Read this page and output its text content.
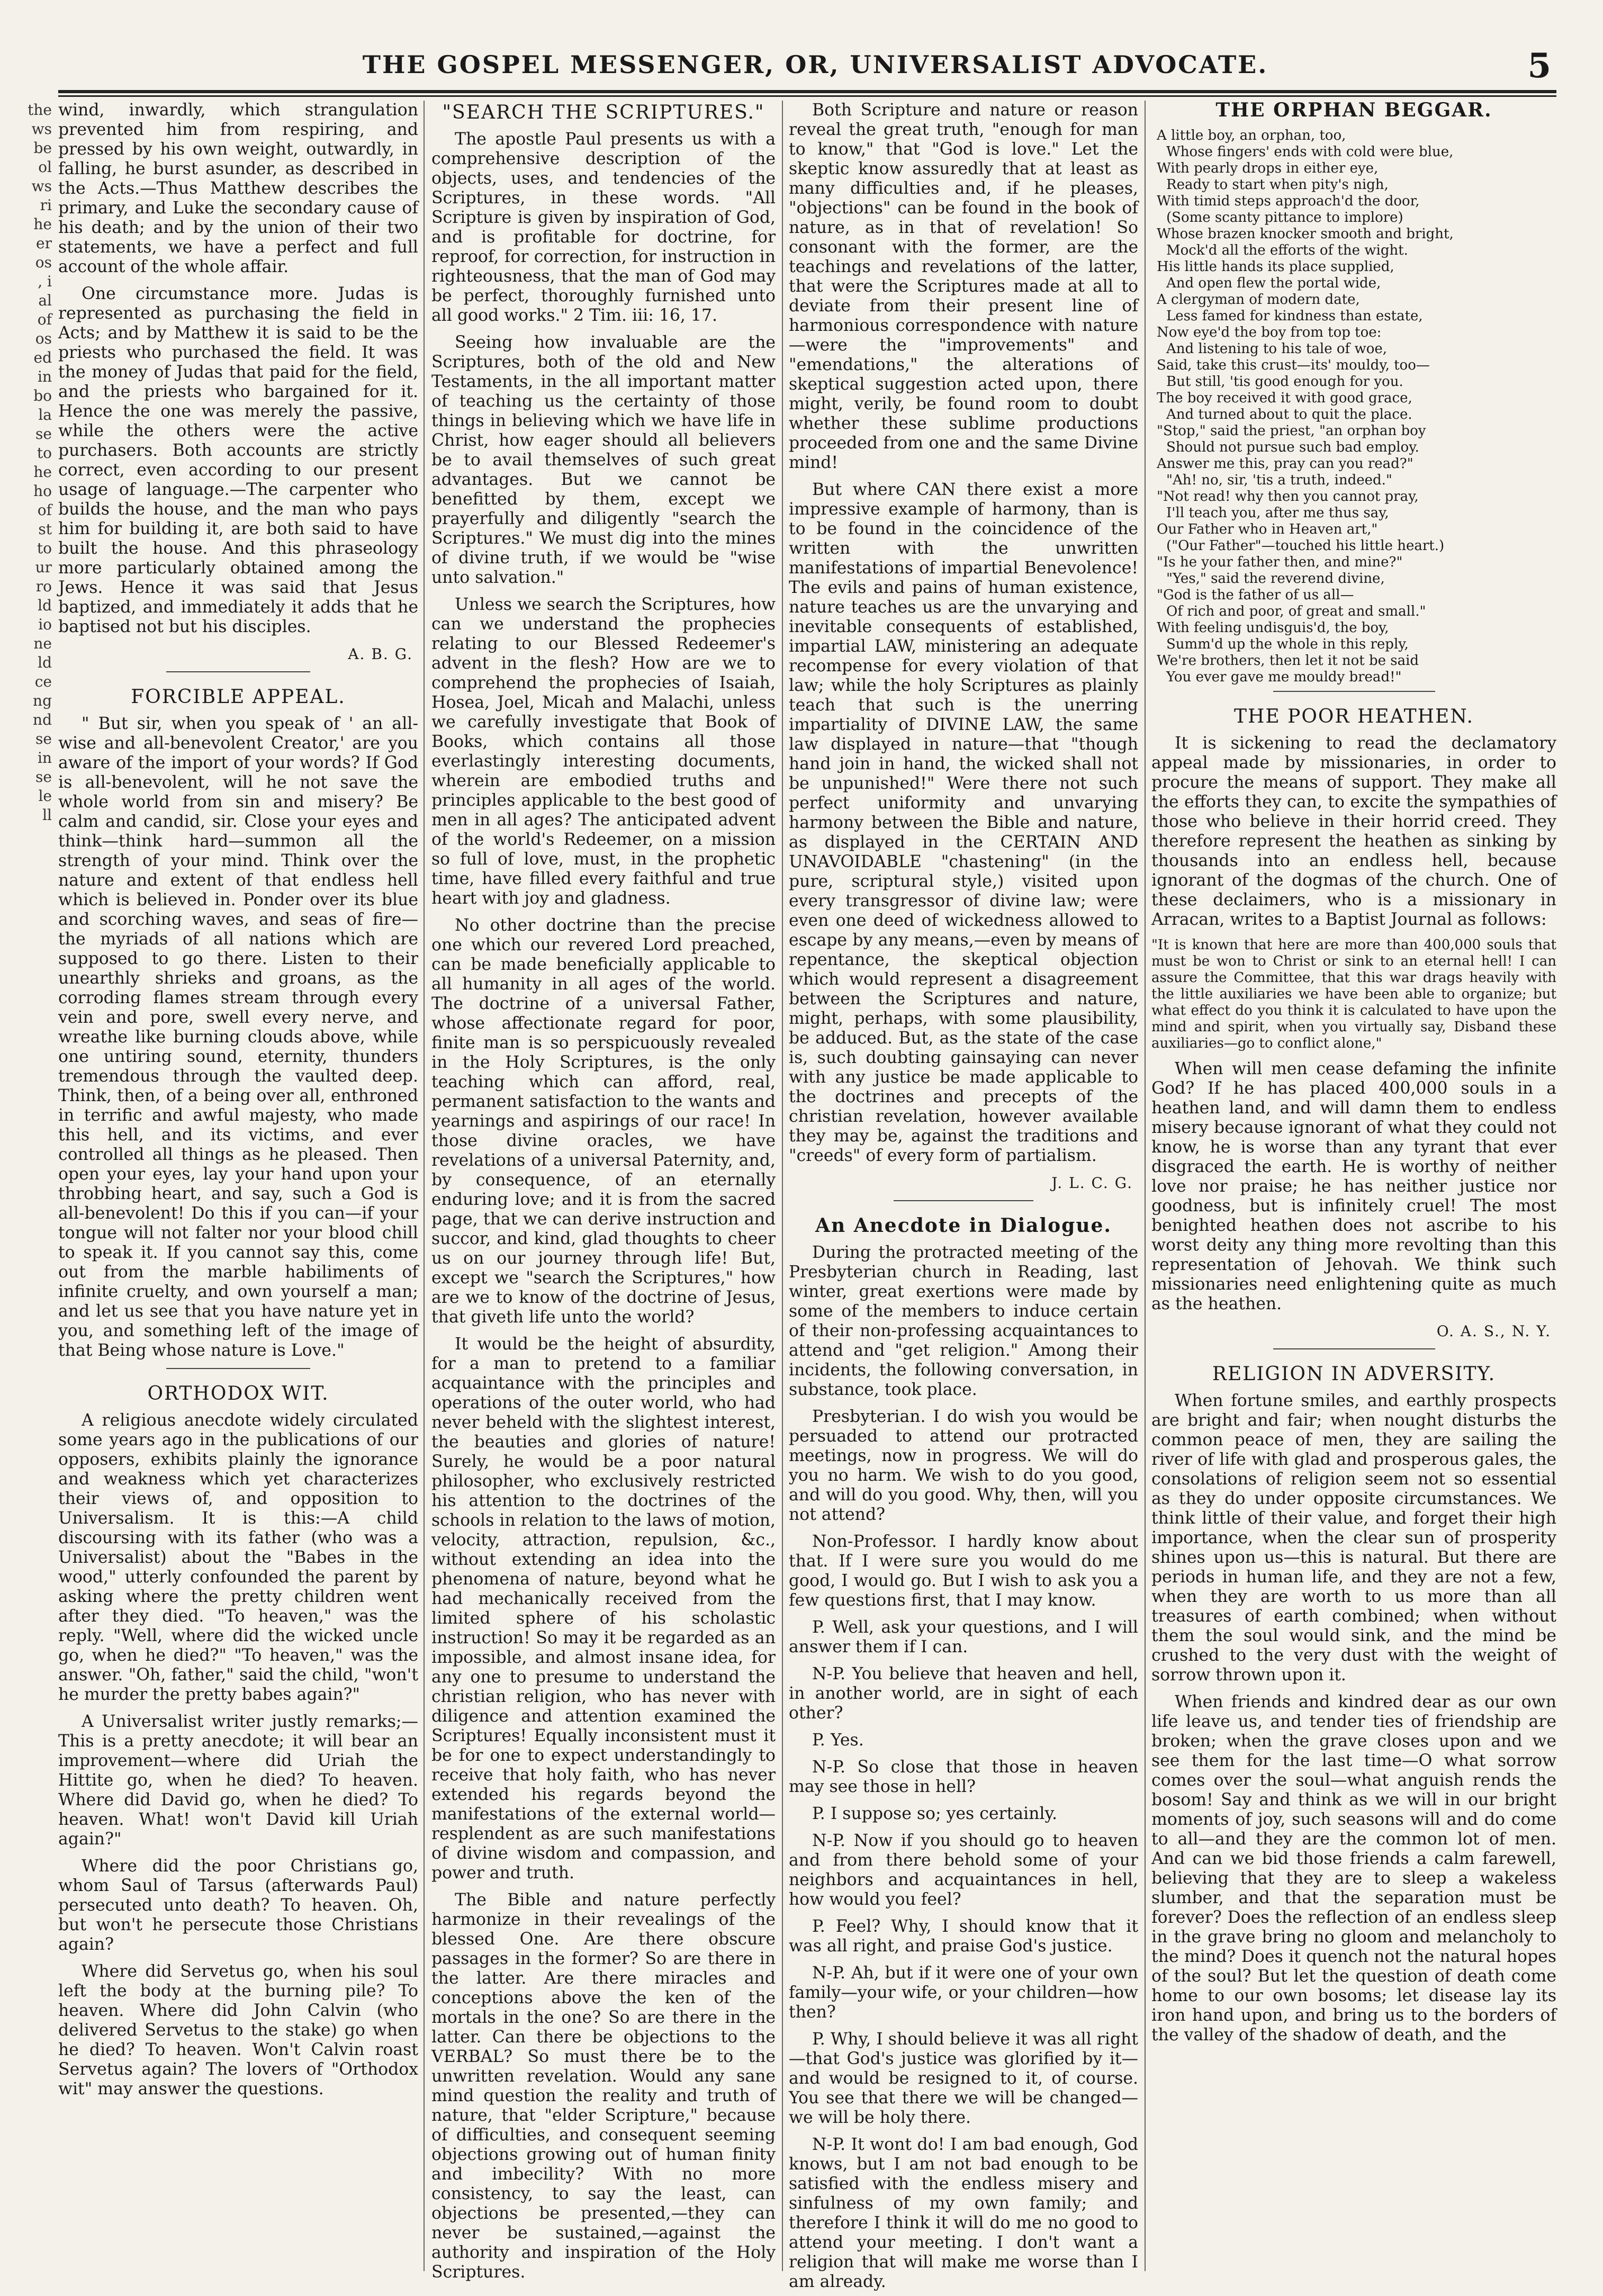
THE GOSPEL MESSENGER, OR, UNIVERSALIST ADVOCATE.	5
the
ws
be
ol
ws
ri
he
er
os
, i
al
of
os
ed
in
bo
la
se
to
he
ho
of
st
to
ur
ro
ld
io
ne
ld
ce
ng
nd
se
in
se
le
ll

wind, inwardly, which strangulation prevented him from respiring, and pressed by his own weight, outwardly, in falling, he burst asunder, as described in the Acts.—Thus Matthew describes the primary, and Luke the secondary cause of his death; and by the union of their two statements, we have a perfect and full account of the whole affair.

One circumstance more. Judas is represented as purchasing the field in Acts; and by Matthew it is said to be the priests who purchased the field. It was the money of Judas that paid for the field, and the priests who bargained for it. Hence the one was merely the passive, while the others were the active purchasers. Both accounts are strictly correct, even according to our present usage of language.—The carpenter who builds the house, and the man who pays him for building it, are both said to have built the house. And this phraseology more particularly obtained among the Jews. Hence it was said that Jesus baptized, and immediately it adds that he baptised not but his disciples.

A. B. G.
FORCIBLE APPEAL.

" But sir, when you speak of ' an all-wise and all-benevolent Creator,' are you aware of the import of your words? If God is all-benevolent, will he not save the whole world from sin and misery? Be calm and candid, sir. Close your eyes and think—think hard—summon all the strength of your mind. Think over the nature and extent of that endless hell which is believed in. Ponder over its blue and scorching waves, and seas of fire—the myriads of all nations which are supposed to go there. Listen to their unearthly shrieks and groans, as the corroding flames stream through every vein and pore, swell every nerve, and wreathe like burning clouds above, while one untiring sound, eternity, thunders tremendous through the vaulted deep. Think, then, of a being over all, enthroned in terrific and awful majesty, who made this hell, and its victims, and ever controlled all things as he pleased. Then open your eyes, lay your hand upon your throbbing heart, and say, such a God is all-benevolent! Do this if you can—if your tongue will not falter nor your blood chill to speak it. If you cannot say this, come out from the marble habiliments of infinite cruelty, and own yourself a man; and let us see that you have nature yet in you, and something left of the image of that Being whose nature is Love."

ORTHODOX WIT.

A religious anecdote widely circulated some years ago in the publications of our opposers, exhibits plainly the ignorance and weakness which yet characterizes their views of, and opposition to Universalism. It is this:—A child discoursing with its father (who was a Universalist) about the "Babes in the wood," utterly confounded the parent by asking where the pretty children went after they died. "To heaven," was the reply. "Well, where did the wicked uncle go, when he died?" "To heaven," was the answer. "Oh, father," said the child, "won't he murder the pretty babes again?"

A Universalist writer justly remarks;—This is a pretty anecdote; it will bear an improvement—where did Uriah the Hittite go, when he died? To heaven. Where did David go, when he died? To heaven. What! won't David kill Uriah again?"

Where did the poor Christians go, whom Saul of Tarsus (afterwards Paul) persecuted unto death? To heaven. Oh, but won't he persecute those Christians again?

Where did Servetus go, when his soul left the body at the burning pile? To heaven. Where did John Calvin (who delivered Servetus to the stake) go when he died? To heaven. Won't Calvin roast Servetus again? The lovers of "Orthodox wit" may answer the questions.

"SEARCH THE SCRIPTURES."

The apostle Paul presents us with a comprehensive description of the objects, uses, and tendencies of the Scriptures, in these words. "All Scripture is given by inspiration of God, and is profitable for doctrine, for reproof, for correction, for instruction in righteousness, that the man of God may be perfect, thoroughly furnished unto all good works." 2 Tim. iii: 16, 17.

Seeing how invaluable are the Scriptures, both of the old and New Testaments, in the all important matter of teaching us the certainty of those things in believing which we have life in Christ, how eager should all believers be to avail themselves of such great advantages. But we cannot be benefitted by them, except we prayerfully and diligently "search the Scriptures." We must dig into the mines of divine truth, if we would be "wise unto salvation."

Unless we search the Scriptures, how can we understand the prophecies relating to our Blessed Redeemer's advent in the flesh? How are we to comprehend the prophecies of Isaiah, Hosea, Joel, Micah and Malachi, unless we carefully investigate that Book of Books, which contains all those everlastingly interesting documents, wherein are embodied truths and principles applicable to the best good of men in all ages? The anticipated advent of the world's Redeemer, on a mission so full of love, must, in the prophetic time, have filled every faithful and true heart with joy and gladness.

No other doctrine than the precise one which our revered Lord preached, can be made beneficially applicable to all humanity in all ages of the world. The doctrine of a universal Father, whose affectionate regard for poor, finite man is so perspicuously revealed in the Holy Scriptures, is the only teaching which can afford, real, permanent satisfaction to the wants and yearnings and aspirings of our race! In those divine oracles, we have revelations of a universal Paternity, and, by consequence, of an eternally enduring love; and it is from the sacred page, that we can derive instruction and succor, and kind, glad thoughts to cheer us on our journey through life! But, except we "search the Scriptures," how are we to know of the doctrine of Jesus, that giveth life unto the world?

It would be the height of absurdity, for a man to pretend to a familiar acquaintance with the principles and operations of the outer world, who had never beheld with the slightest interest, the beauties and glories of nature! Surely, he would be a poor natural philosopher, who exclusively restricted his attention to the doctrines of the schools in relation to the laws of motion, velocity, attraction, repulsion, &c., without extending an idea into the phenomena of nature, beyond what he had mechanically received from the limited sphere of his scholastic instruction! So may it be regarded as an impossible, and almost insane idea, for any one to presume to understand the christian religion, who has never with diligence and attention examined the Scriptures! Equally inconsistent must it be for one to expect understandingly to receive that holy faith, who has never extended his regards beyond the manifestations of the external world—resplendent as are such manifestations of divine wisdom and compassion, and power and truth.

The Bible and nature perfectly harmonize in their revealings of the blessed One. Are there obscure passages in the former? So are there in the latter. Are there miracles and conceptions above the ken of the mortals in the one? So are there in the latter. Can there be objections to the VERBAL? So must there be to the unwritten revelation. Would any sane mind question the reality and truth of nature, that "elder Scripture," because of difficulties, and consequent seeming objections growing out of human finity and imbecility? With no more consistency, to say the least, can objections be presented,—they can never be sustained,—against the authority and inspiration of the Holy Scriptures.

Both Scripture and nature or reason reveal the great truth, "enough for man to know," that "God is love." Let the skeptic know assuredly that at least as many difficulties and, if he pleases, "objections" can be found in the book of nature, as in that of revelation! So consonant with the former, are the teachings and revelations of the latter, that were the Scriptures made at all to deviate from their present line of harmonious correspondence with nature—were the "improvements" and "emendations," the alterations of skeptical suggestion acted upon, there might, verily, be found room to doubt whether these sublime productions proceeded from one and the same Divine mind!

But where CAN there exist a more impressive example of harmony, than is to be found in the coincidence of the written with the unwritten manifestations of impartial Benevolence! The evils and pains of human existence, nature teaches us are the unvarying and inevitable consequents of established, impartial LAW, ministering an adequate recompense for every violation of that law; while the holy Scriptures as plainly teach that such is the unerring impartiality of DIVINE LAW, the same law displayed in nature—that "though hand join in hand, the wicked shall not be unpunished!" Were there not such perfect uniformity and unvarying harmony between the Bible and nature, as displayed in the CERTAIN AND UNAVOIDABLE "chastening" (in the pure, scriptural style,) visited upon every transgressor of divine law; were even one deed of wickedness allowed to escape by any means,—even by means of repentance, the skeptical objection which would represent a disagreement between the Scriptures and nature, might, perhaps, with some plausibility, be adduced. But, as the state of the case is, such doubting gainsaying can never with any justice be made applicable to the doctrines and precepts of the christian revelation, however available they may be, against the traditions and "creeds" of every form of partialism.

J. L. C. G.
An Anecdote in Dialogue.

During the protracted meeting of the Presbyterian church in Reading, last winter, great exertions were made by some of the members to induce certain of their non-professing acquaintances to attend and "get religion." Among their incidents, the following conversation, in substance, took place.

Presbyterian. I do wish you would be persuaded to attend our protracted meetings, now in progress. We will do you no harm. We wish to do you good, and will do you good. Why, then, will you not attend?

Non-Professor. I hardly know about that. If I were sure you would do me good, I would go. But I wish to ask you a few questions first, that I may know.

P. Well, ask your questions, and I will answer them if I can.

N-P. You believe that heaven and hell, in another world, are in sight of each other?

P. Yes.

N-P. So close that those in heaven may see those in hell?

P. I suppose so; yes certainly.

N-P. Now if you should go to heaven and from there behold some of your neighbors and acquaintances in hell, how would you feel?

P. Feel? Why, I should know that it was all right, and praise God's justice.

N-P. Ah, but if it were one of your own family—your wife, or your children—how then?

P. Why, I should believe it was all right—that God's justice was glorified by it—and would be resigned to it, of course. You see that there we will be changed—we will be holy there.

N-P. It wont do! I am bad enough, God knows, but I am not bad enough to be satisfied with the endless misery and sinfulness of my own family; and therefore I think it will do me no good to attend your meeting. I don't want a religion that will make me worse than I am already.

THE ORPHAN BEGGAR.
A little boy, an orphan, too,
Whose fingers' ends with cold were blue,
With pearly drops in either eye,
Ready to start when pity's nigh,
With timid steps approach'd the door,
(Some scanty pittance to implore)
Whose brazen knocker smooth and bright,
Mock'd all the efforts of the wight.
His little hands its place supplied,
And open flew the portal wide,
A clergyman of modern date,
Less famed for kindness than estate,
Now eye'd the boy from top toe:
And listening to his tale of woe,
Said, take this crust—its' mouldy, too—
But still, 'tis good enough for you.
The boy received it with good grace,
And turned about to quit the place.
"Stop," said the priest, "an orphan boy
Should not pursue such bad employ.
Answer me this, pray can you read?"
"Ah! no, sir, 'tis a truth, indeed."
"Not read! why then you cannot pray,
I'll teach you, after me thus say,
Our Father who in Heaven art,"
("Our Father"—touched his little heart.)
"Is he your father then, and mine?"
"Yes," said the reverend divine,
"God is the father of us all—
Of rich and poor, of great and small."
With feeling undisguis'd, the boy,
Summ'd up the whole in this reply,
We're brothers, then let it not be said
You ever gave me mouldy bread!"
THE POOR HEATHEN.

It is sickening to read the declamatory appeal made by missionaries, in order to procure the means of support. They make all the efforts they can, to excite the sympathies of those who believe in their horrid creed. They therefore represent the heathen as sinking by thousands into an endless hell, because ignorant of the dogmas of the church. One of these declaimers, who is a missionary in Arracan, writes to a Baptist Journal as follows:

"It is known that here are more than 400,000 souls that must be won to Christ or sink to an eternal hell! I can assure the Committee, that this war drags heavily with the little auxiliaries we have been able to organize; but what effect do you think it is calculated to have upon the mind and spirit, when you virtually say, Disband these auxiliaries—go to conflict alone,"

When will men cease defaming the infinite God? If he has placed 400,000 souls in a heathen land, and will damn them to endless misery because ignorant of what they could not know, he is worse than any tyrant that ever disgraced the earth. He is worthy of neither love nor praise; he has neither justice nor goodness, but is infinitely cruel! The most benighted heathen does not ascribe to his worst deity any thing more revolting than this representation of Jehovah. We think such missionaries need enlightening quite as much as the heathen.

O. A. S., N. Y.
RELIGION IN ADVERSITY.

When fortune smiles, and earthly prospects are bright and fair; when nought disturbs the common peace of men, they are sailing the river of life with glad and prosperous gales, the consolations of religion seem not so essential as they do under opposite circumstances. We think little of their value, and forget their high importance, when the clear sun of prosperity shines upon us—this is natural. But there are periods in human life, and they are not a few, when they are worth to us more than all treasures of earth combined; when without them the soul would sink, and the mind be crushed to the very dust with the weight of sorrow thrown upon it.

When friends and kindred dear as our own life leave us, and tender ties of friendship are broken; when the grave closes upon and we see them for the last time—O what sorrow comes over the soul—what anguish rends the bosom! Say and think as we will in our bright moments of joy, such seasons will and do come to all—and they are the common lot of men. And can we bid those friends a calm farewell, believing that they are to sleep a wakeless slumber, and that the separation must be forever? Does the reflection of an endless sleep in the grave bring no gloom and melancholy to the mind? Does it quench not the natural hopes of the soul? But let the question of death come home to our own bosoms; let disease lay its iron hand upon, and bring us to the borders of the valley of the shadow of death, and the
